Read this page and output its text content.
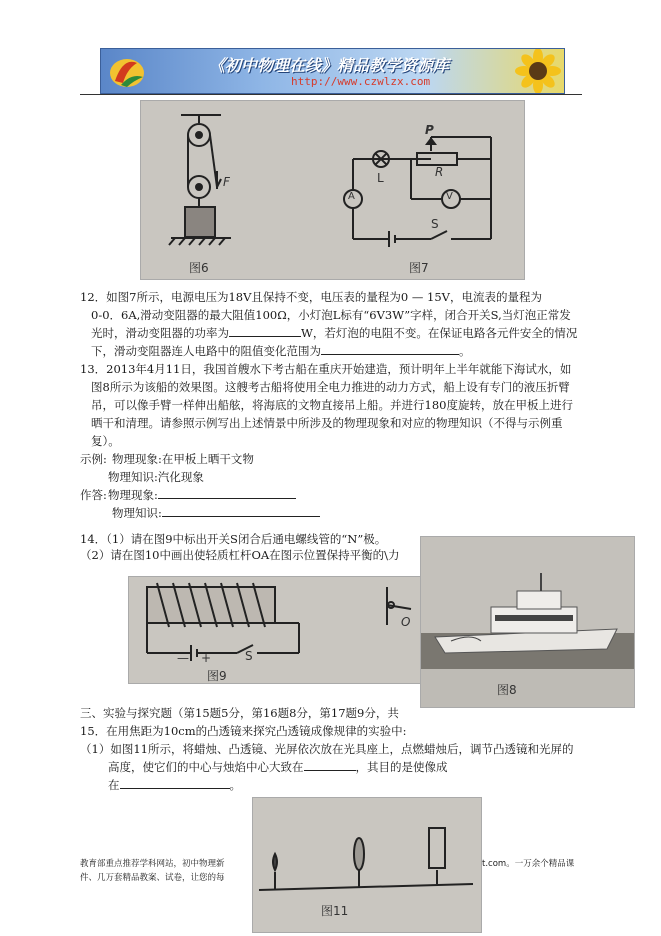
《初中物理在线》精品教学资源库
http://www.czwlzx.com
F
P
R
L
A	V
S
图6	图7
12．如图7所示，电源电压为18V且保持不变，电压表的量程为0 — 15V，电流表的量程为
0-0．6A,滑动变阻器的最大阻值100Ω，小灯泡L标有“6V3W”字样，闭合开关S,当灯泡正常发
光时，滑动变阻器的功率为	W，若灯泡的电阻不变。在保证电路各元件安全的情况
下，滑动变阻器连人电路中的阻值变化范围为	。
13．2013年4月11日，我国首艘水下考古船在重庆开始建造，预计明年上半年就能下海试水，如
图8所示为该船的效果图。这艘考古船将使用全电力推进的动力方式，船上设有专门的液压折臂
吊，可以像手臂一样伸出船舷，将海底的文物直接吊上船。并进行180度旋转，放在甲板上进行
晒干和清理。请参照示例写出上述情景中所涉及的物理现象和对应的物理知识（不得与示例重
复）。
示例: 物理现象:在甲板上晒干文物
物理知识:汽化现象
作答: 物理现象:
物理知识:
14．（1）请在图9中标出开关S闭合后通电螺线管的“N”极。
（2）请在图10中画出使轻质杠杆OA在图示位置保持平衡的\力
— +	S
O
图9
图8
三、实验与探究题（第15题5分，第16题8分，第17题9分，共
15．在用焦距为10cm的凸透镜来探究凸透镜成像规律的实验中:
（1）如图11所示，将蜡烛、凸透镜、光屏依次放在光具座上，点燃蜡烛后，调节凸透镜和光屏的
高度，使它们的中心与烛焰中心大致在	，其目的是使像成
在	。
图11
教育部重点推荐学科网站，初中物理新	t.com。一万余个精品课
件、几万套精品教案、试卷，让您的每
